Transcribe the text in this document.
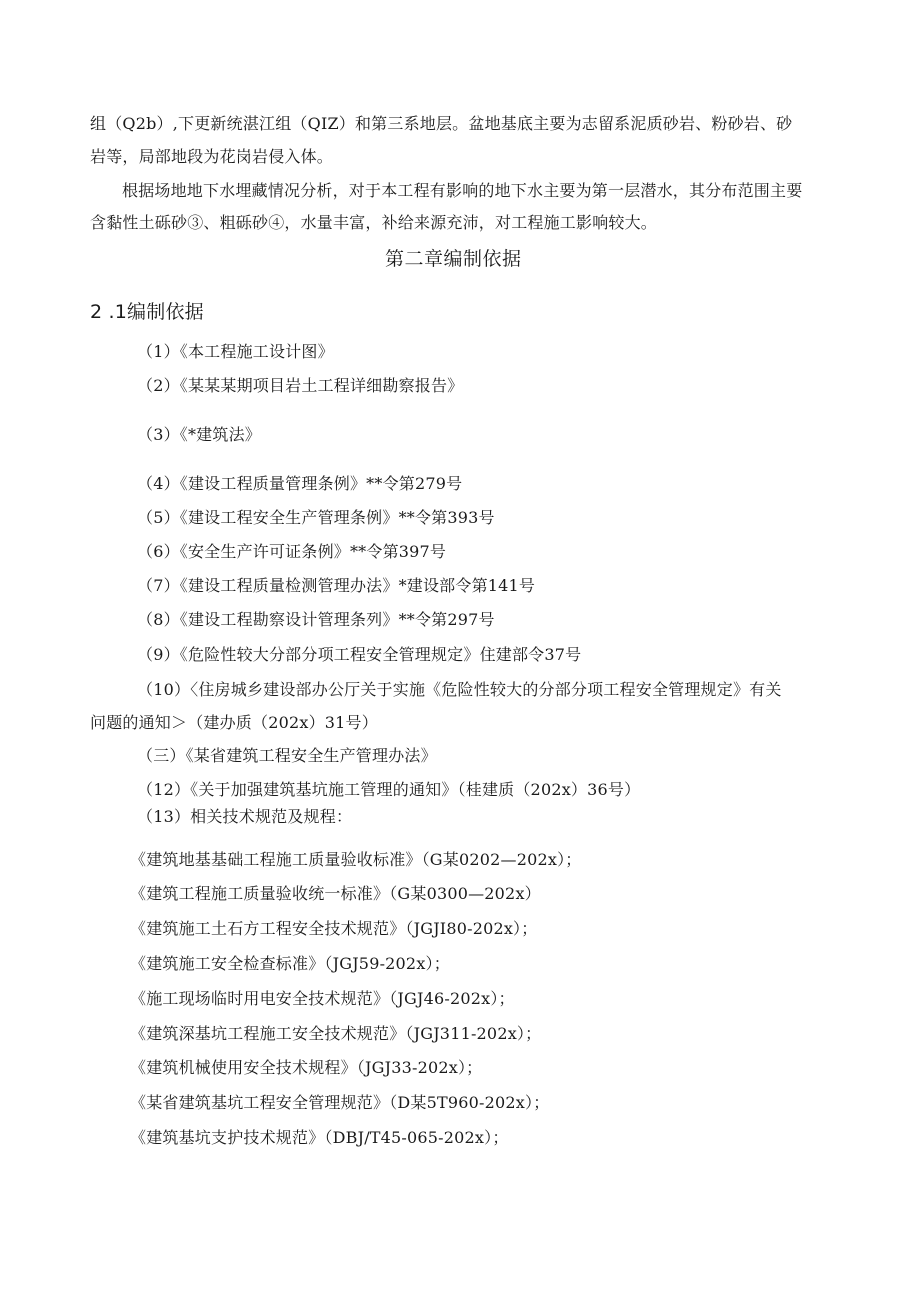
组（Q2b）,下更新统湛江组（QIZ）和第三系地层。盆地基底主要为志留系泥质砂岩、粉砂岩、砂
岩等，局部地段为花岗岩侵入体。
根据场地地下水埋藏情况分析，对于本工程有影响的地下水主要为第一层潜水，其分布范围主要
含黏性土砾砂③、粗砾砂④，水量丰富，补给来源充沛，对工程施工影响较大。
第二章编制依据
2 .1编制依据
（1）《本工程施工设计图》
（2）《某某某期项目岩土工程详细勘察报告》
（3）《*建筑法》
（4）《建设工程质量管理条例》**令第279号
（5）《建设工程安全生产管理条例》**令第393号
（6）《安全生产许可证条例》**令第397号
（7）《建设工程质量检测管理办法》*建设部令第141号
（8）《建设工程勘察设计管理条列》**令第297号
（9）《危险性较大分部分项工程安全管理规定》住建部令37号
（10）〈住房城乡建设部办公厅关于实施《危险性较大的分部分项工程安全管理规定》有关
问题的通知＞（建办质（202x）31号）
（三）《某省建筑工程安全生产管理办法》
（12）《关于加强建筑基坑施工管理的通知》（桂建质（202x）36号）
（13）相关技术规范及规程：
《建筑地基基础工程施工质量验收标准》（G某0202—202x）；
《建筑工程施工质量验收统一标准》（G某0300—202x）
《建筑施工土石方工程安全技术规范》（JGJI80-202x）；
《建筑施工安全检查标准》（JGJ59-202x）；
《施工现场临时用电安全技术规范》（JGJ46-202x）；
《建筑深基坑工程施工安全技术规范》（JGJ311-202x）；
《建筑机械使用安全技术规程》（JGJ33-202x）；
《某省建筑基坑工程安全管理规范》（D某5T960-202x）；
《建筑基坑支护技术规范》（DBJ/T45-065-202x）；
